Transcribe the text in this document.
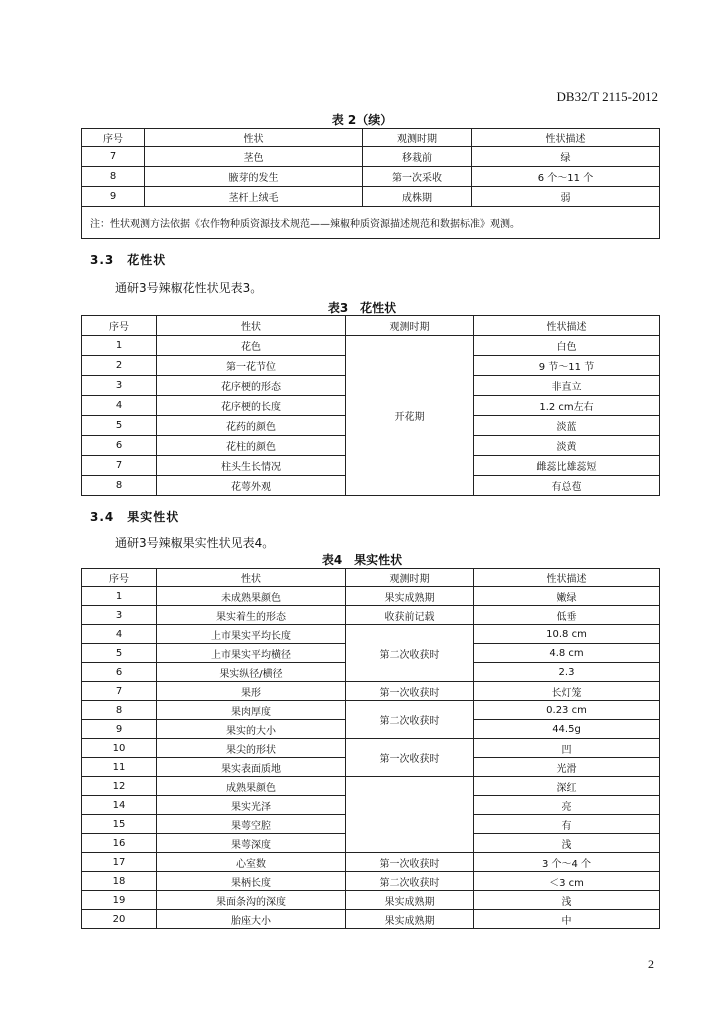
DB32/T 2115-2012
表 2（续）
序号	性状	观测时期	性状描述
7	茎色	移栽前	绿
8	腋芽的发生	第一次采收	6 个～11 个
9	茎杆上绒毛	成株期	弱
注：性状观测方法依据《农作物种质资源技术规范——辣椒种质资源描述规范和数据标准》观测。			
3.3　花性状
通研3号辣椒花性状见表3。
表3　花性状
序号	性状	观测时期	性状描述
1	花色	开花期	白色
2	第一花节位		9 节～11 节
3	花序梗的形态		非直立
4	花序梗的长度		1.2 cm左右
5	花药的颜色		淡蓝
6	花柱的颜色		淡黄
7	柱头生长情况		雌蕊比雄蕊短
8	花萼外观		有总苞
3.4　果实性状
通研3号辣椒果实性状见表4。
表4　果实性状
序号	性状	观测时期	性状描述
1	未成熟果颜色	果实成熟期	嫩绿
3	果实着生的形态	收获前记载	低垂
4	上市果实平均长度	第二次收获时	10.8 cm
5	上市果实平均横径		4.8 cm
6	果实纵径/横径		2.3
7	果形	第一次收获时	长灯笼
8	果肉厚度	第二次收获时	0.23 cm
9	果实的大小		44.5g
10	果尖的形状	第一次收获时	凹
11	果实表面质地		光滑
12	成熟果颜色		深红
14	果实光泽		亮
15	果萼空腔		有
16	果萼深度		浅
17	心室数	第一次收获时	3 个～4 个
18	果柄长度	第二次收获时	＜3 cm
19	果面条沟的深度	果实成熟期	浅
20	胎座大小	果实成熟期	中
2
